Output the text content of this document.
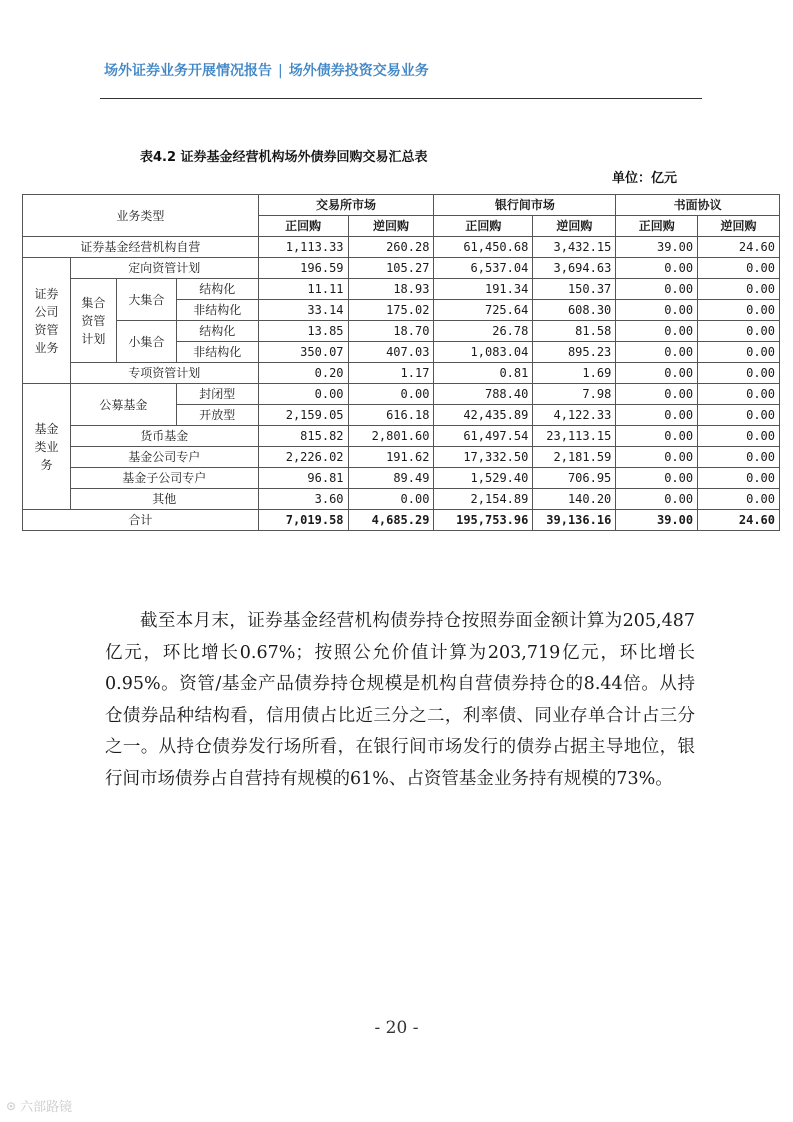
场外证券业务开展情况报告 | 场外债券投资交易业务
表4.2 证券基金经营机构场外债券回购交易汇总表
单位：亿元
业务类型				交易所市场		银行间市场		书面协议	
				正回购	逆回购	正回购	逆回购	正回购	逆回购
证券基金经营机构自营				1,113.33	260.28	61,450.68	3,432.15	39.00	24.60

证券
公司
资管
业务	定向资管计划			196.59	105.27	6,537.04	3,694.63	0.00	0.00

	集合
资管
计划	大集合	结构化	11.11	18.93	191.34	150.37	0.00	0.00
			非结构化	33.14	175.02	725.64	608.30	0.00	0.00
		小集合	结构化	13.85	18.70	26.78	81.58	0.00	0.00
			非结构化	350.07	407.03	1,083.04	895.23	0.00	0.00
	专项资管计划			0.20	1.17	0.81	1.69	0.00	0.00

基金
类业
务	公募基金		封闭型	0.00	0.00	788.40	7.98	0.00	0.00
			开放型	2,159.05	616.18	42,435.89	4,122.33	0.00	0.00
	货币基金			815.82	2,801.60	61,497.54	23,113.15	0.00	0.00
	基金公司专户			2,226.02	191.62	17,332.50	2,181.59	0.00	0.00
	基金子公司专户			96.81	89.49	1,529.40	706.95	0.00	0.00
	其他			3.60	0.00	2,154.89	140.20	0.00	0.00
合计				7,019.58	4,685.29	195,753.96	39,136.16	39.00	24.60

截至本月末，证券基金经营机构债券持仓按照券面金额计算为205,487亿元，环比增长0.67%；按照公允价值计算为203,719亿元，环比增长0.95%。资管/基金产品债券持仓规模是机构自营债券持仓的8.44倍。从持仓债券品种结构看，信用债占比近三分之二，利率债、同业存单合计占三分之一。从持仓债券发行场所看，在银行间市场发行的债券占据主导地位，银行间市场债券占自营持有规模的61%、占资管基金业务持有规模的73%。

- 20 -
⊙ 六部路镜
